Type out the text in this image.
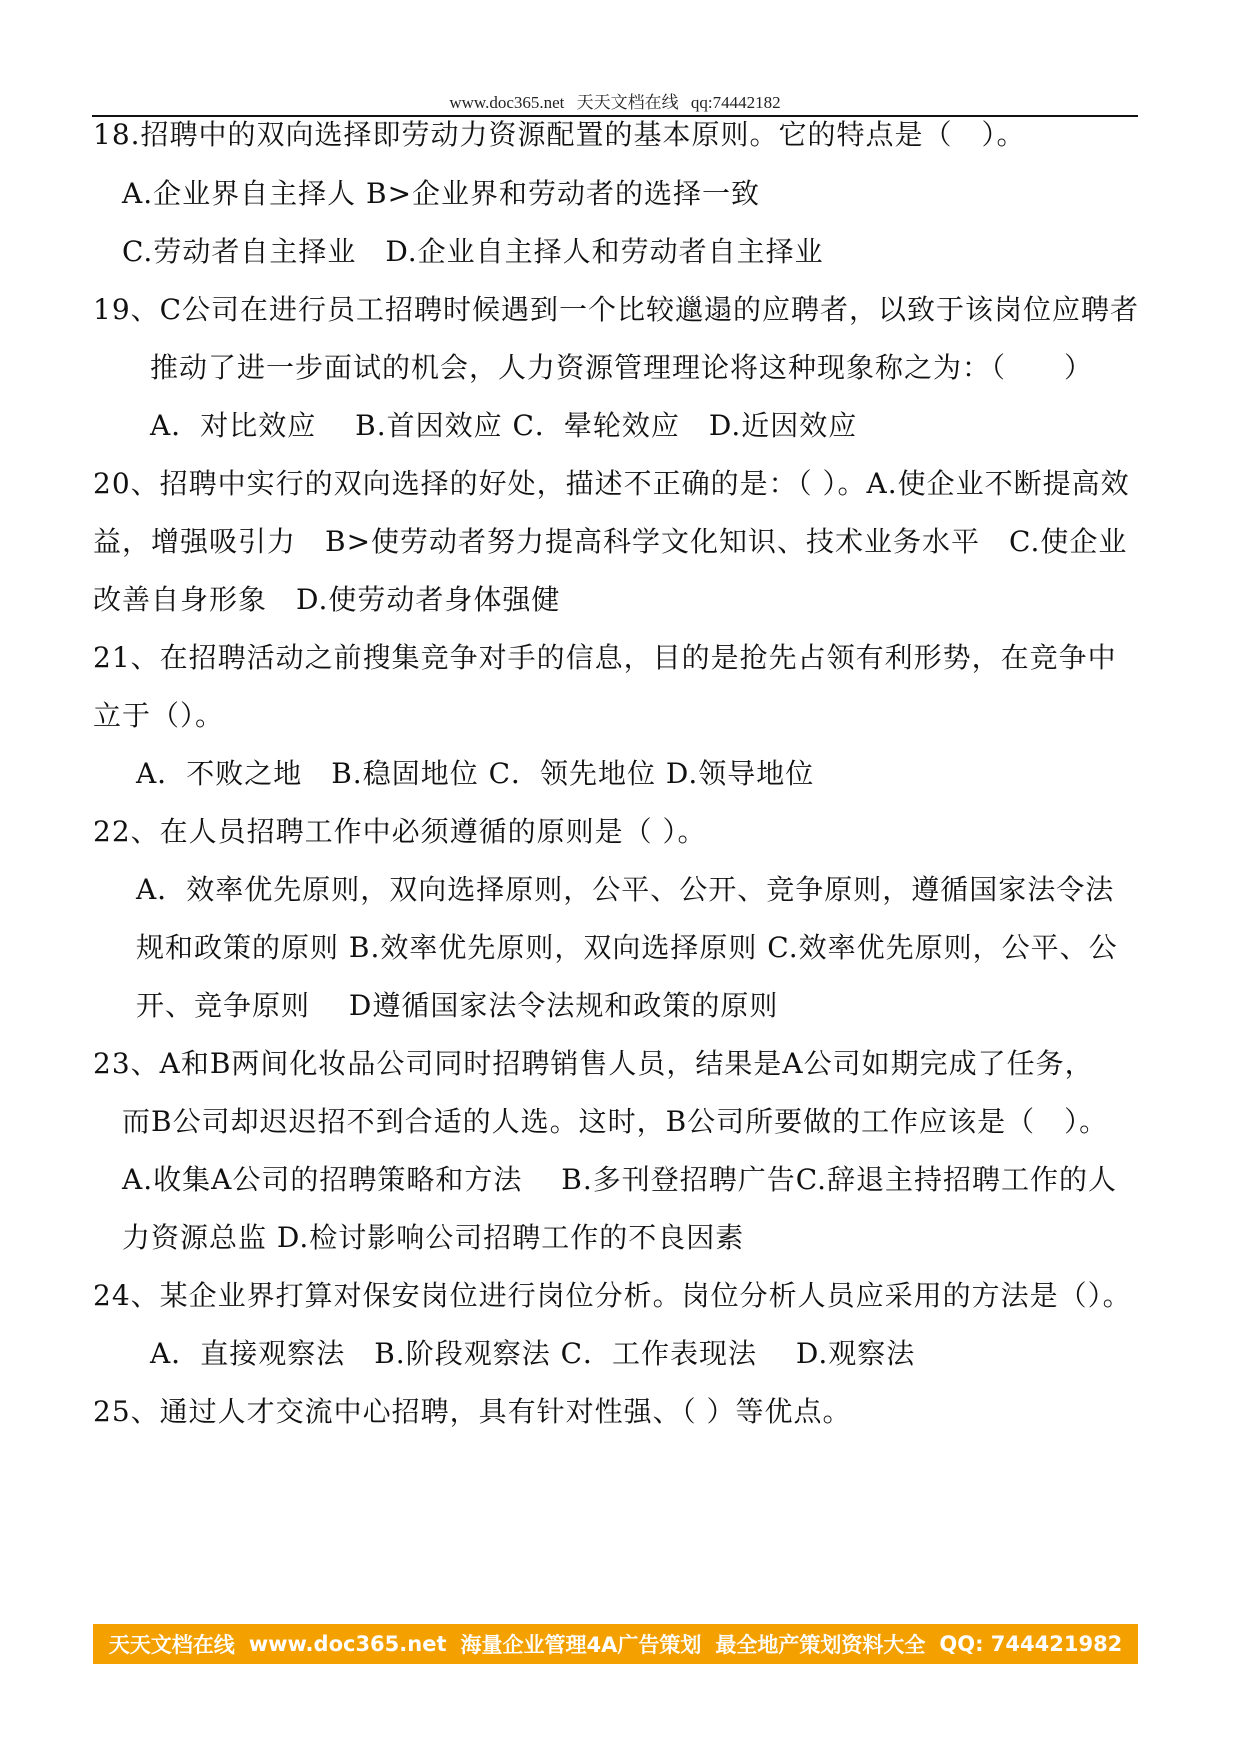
www.doc365.net 天天文档在线 qq:74442182
18.招聘中的双向选择即劳动力资源配置的基本原则。它的特点是（　）。
A.企业界自主择人 B>企业界和劳动者的选择一致
C.劳动者自主择业　D.企业自主择人和劳动者自主择业
19、C公司在进行员工招聘时候遇到一个比较邋遢的应聘者，以致于该岗位应聘者
推动了进一步面试的机会，人力资源管理理论将这种现象称之为：（　　）
A．对比效应　 B.首因效应 C．晕轮效应　D.近因效应
20、招聘中实行的双向选择的好处，描述不正确的是：（ ）。A.使企业不断提高效
益，增强吸引力　B>使劳动者努力提高科学文化知识、技术业务水平　C.使企业
改善自身形象　D.使劳动者身体强健
21、在招聘活动之前搜集竞争对手的信息，目的是抢先占领有利形势，在竞争中
立于（）。
A．不败之地　B.稳固地位 C．领先地位 D.领导地位
22、在人员招聘工作中必须遵循的原则是（ ）。
A．效率优先原则，双向选择原则，公平、公开、竞争原则，遵循国家法令法
规和政策的原则 B.效率优先原则，双向选择原则 C.效率优先原则，公平、公
开、竞争原则　 D遵循国家法令法规和政策的原则
23、A和B两间化妆品公司同时招聘销售人员，结果是A公司如期完成了任务，
而B公司却迟迟招不到合适的人选。这时，B公司所要做的工作应该是（　）。
A.收集A公司的招聘策略和方法　 B.多刊登招聘广告C.辞退主持招聘工作的人
力资源总监 D.检讨影响公司招聘工作的不良因素
24、某企业界打算对保安岗位进行岗位分析。岗位分析人员应采用的方法是（）。
A．直接观察法　B.阶段观察法 C．工作表现法　 D.观察法
25、通过人才交流中心招聘，具有针对性强、（ ）等优点。
天天文档在线 www.doc365.net 海量企业管理4A广告策划 最全地产策划资料大全 QQ: 744421982
